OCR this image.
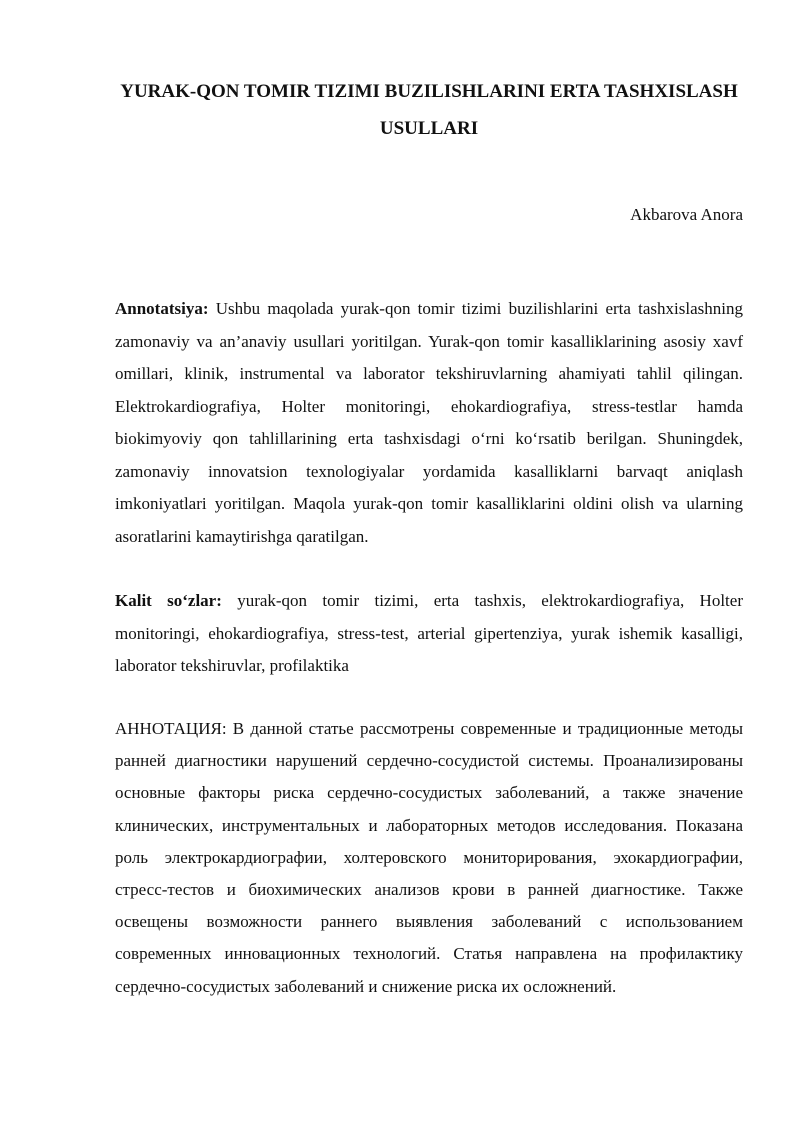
YURAK-QON TOMIR TIZIMI BUZILISHLARINI ERTA TASHXISLASH USULLARI

Akbarova Anora

Annotatsiya: Ushbu maqolada yurak-qon tomir tizimi buzilishlarini erta tashxislashning zamonaviy va an’anaviy usullari yoritilgan. Yurak-qon tomir kasalliklarining asosiy xavf omillari, klinik, instrumental va laborator tekshiruvlarning ahamiyati tahlil qilingan. Elektrokardiografiya, Holter monitoringi, ehokardiografiya, stress-testlar hamda biokimyoviy qon tahlillarining erta tashxisdagi o‘rni ko‘rsatib berilgan. Shuningdek, zamonaviy innovatsion texnologiyalar yordamida kasalliklarni barvaqt aniqlash imkoniyatlari yoritilgan. Maqola yurak-qon tomir kasalliklarini oldini olish va ularning asoratlarini kamaytirishga qaratilgan.

Kalit so‘zlar: yurak-qon tomir tizimi, erta tashxis, elektrokardiografiya, Holter monitoringi, ehokardiografiya, stress-test, arterial gipertenziya, yurak ishemik kasalligi, laborator tekshiruvlar, profilaktika

АННОТАЦИЯ: В данной статье рассмотрены современные и традиционные методы ранней диагностики нарушений сердечно-сосудистой системы. Проанализированы основные факторы риска сердечно-сосудистых заболеваний, а также значение клинических, инструментальных и лабораторных методов исследования. Показана роль электрокардиографии, холтеровского мониторирования, эхокардиографии, стресс-тестов и биохимических анализов крови в ранней диагностике. Также освещены возможности раннего выявления заболеваний с использованием современных инновационных технологий. Статья направлена на профилактику сердечно-сосудистых заболеваний и снижение риска их осложнений.
